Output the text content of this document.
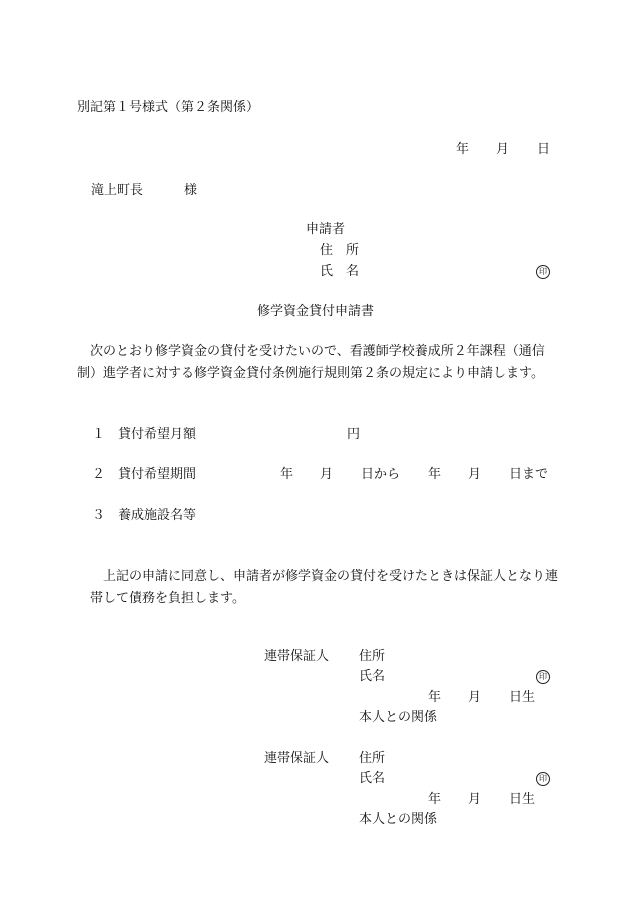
別記第１号様式（第２条関係）
年 月 日
滝上町長	様
申請者
住　所
氏　名	印
修学資金貸付申請書
次のとおり修学資金の貸付を受けたいので、看護師学校養成所２年課程（通信制）進学者に対する修学資金貸付条例施行規則第２条の規定により申請します。
１ 貸付希望月額	円
２ 貸付希望期間	年 月 日から 年 月 日まで
３ 養成施設名等
上記の申請に同意し、申請者が修学資金の貸付を受けたときは保証人となり連帯して債務を負担します。
連帯保証人 住所
氏名	印
年 月 日生
本人との関係
連帯保証人 住所
氏名	印
年 月 日生
本人との関係
